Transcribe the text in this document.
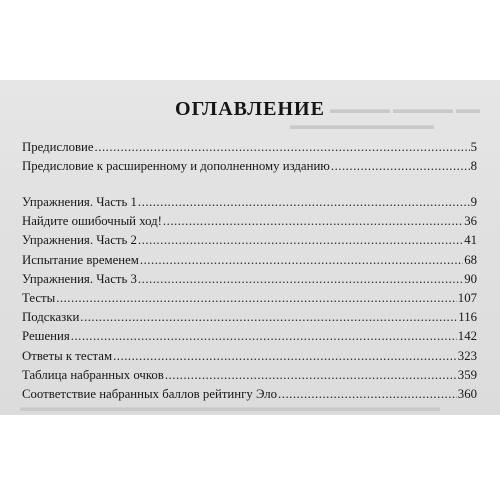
▬▬▬▬▬ ▬▬▬▬▬ ▬▬
▬▬▬▬▬▬▬▬▬▬▬▬
▬▬▬▬▬▬▬▬▬▬▬▬▬▬▬▬▬▬▬▬▬▬▬▬▬▬▬▬▬▬▬▬▬▬▬
ОГЛАВЛЕНИЕ
Предисловие .....	5
Предисловие к расширенному и дополненному изданию .....	8
Упражнения. Часть 1 .....	9
Найдите ошибочный ход! .....	36
Упражнения. Часть 2 .....	41
Испытание временем .....	68
Упражнения. Часть 3 .....	90
Тесты .....	107
Подсказки .....	116
Решения .....	142
Ответы к тестам .....	323
Таблица набранных очков .....	359
Соответствие набранных баллов рейтингу Эло .....	360
